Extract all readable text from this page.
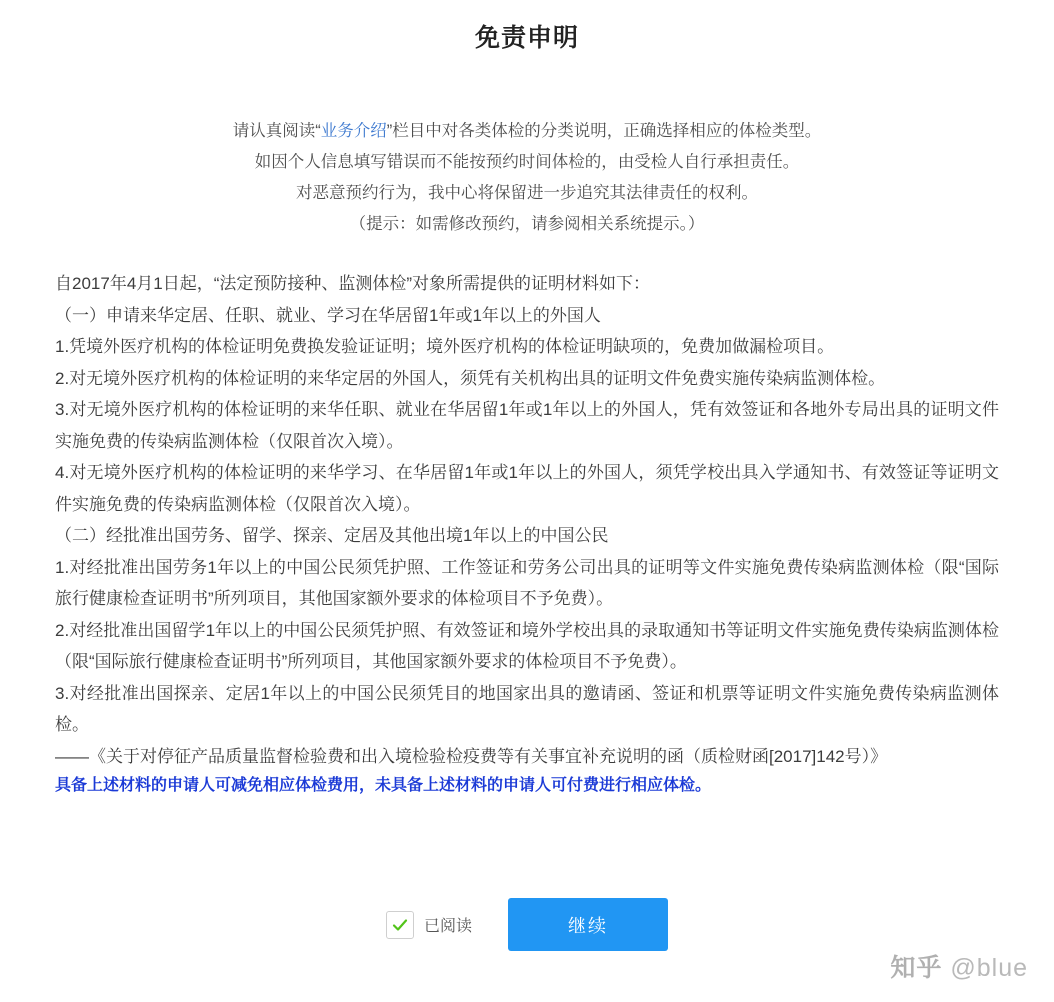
免责申明
请认真阅读“业务介绍”栏目中对各类体检的分类说明，正确选择相应的体检类型。
如因个人信息填写错误而不能按预约时间体检的，由受检人自行承担责任。
对恶意预约行为，我中心将保留进一步追究其法律责任的权利。
（提示：如需修改预约，请参阅相关系统提示。）

自2017年4月1日起，“法定预防接种、监测体检”对象所需提供的证明材料如下：

（一）申请来华定居、任职、就业、学习在华居留1年或1年以上的外国人

1.凭境外医疗机构的体检证明免费换发验证证明；境外医疗机构的体检证明缺项的，免费加做漏检项目。

2.对无境外医疗机构的体检证明的来华定居的外国人，须凭有关机构出具的证明文件免费实施传染病监测体检。

3.对无境外医疗机构的体检证明的来华任职、就业在华居留1年或1年以上的外国人，凭有效签证和各地外专局出具的证明文件实施免费的传染病监测体检（仅限首次入境）。

4.对无境外医疗机构的体检证明的来华学习、在华居留1年或1年以上的外国人，须凭学校出具入学通知书、有效签证等证明文件实施免费的传染病监测体检（仅限首次入境）。

（二）经批准出国劳务、留学、探亲、定居及其他出境1年以上的中国公民

1.对经批准出国劳务1年以上的中国公民须凭护照、工作签证和劳务公司出具的证明等文件实施免费传染病监测体检（限“国际旅行健康检查证明书”所列项目，其他国家额外要求的体检项目不予免费）。

2.对经批准出国留学1年以上的中国公民须凭护照、有效签证和境外学校出具的录取通知书等证明文件实施免费传染病监测体检（限“国际旅行健康检查证明书”所列项目，其他国家额外要求的体检项目不予免费）。

3.对经批准出国探亲、定居1年以上的中国公民须凭目的地国家出具的邀请函、签证和机票等证明文件实施免费传染病监测体检。

——《关于对停征产品质量监督检验费和出入境检验检疫费等有关事宜补充说明的函（质检财函[2017]142号）》

具备上述材料的申请人可减免相应体检费用，未具备上述材料的申请人可付费进行相应体检。

已阅读	继续
知乎 @blue
